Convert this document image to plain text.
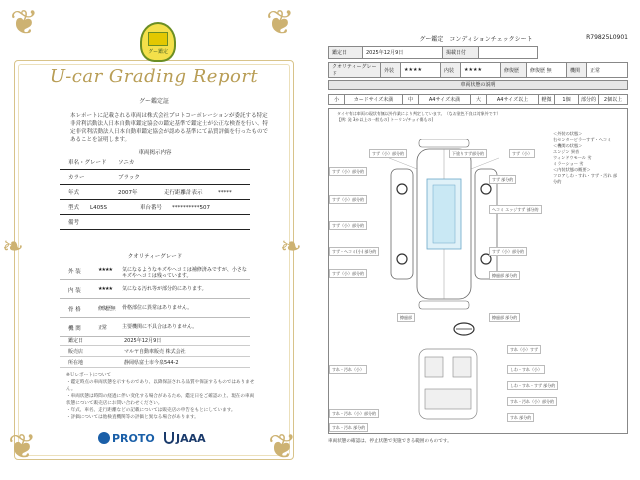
❦	❦
❦	❦
❧	❧
グー鑑定
U-car Grading Report
グー鑑定証
本レポートに記載される車両は株式会社プロトコーポレーションが委託する特定非営利活動法人日本自動車鑑定協会の鑑定基準で鑑定士が公正な検査を行い、特定非営利活動法人日本自動車鑑定協会が認める基準にて品質評価を行ったものであることを証明します。
車両掲示内容
車名・グレード ソニカ
カラー	ブラック
年式	2007年	走行距離計表示	*****
型式 L405S	車台番号 **********507
備考
クオリティーグレード
外 装	★★★★ 気になるようなキズやヘコミは補修済みですが、小さなキズやヘコミは残っています。
内 装	★★★★ 気になる汚れ等が部分的にあります。
骨 格	修復歴 無 骨格部位に異常はありません。
機 関	正常	主要機関に不具合はありません。
鑑定日	2025年12月9日
販売店	マルヤ自動車販売 株式会社
所在地	静岡県富士市今泉544-2
※Ｕレポートについて
・鑑定時点の車両状態を示すものであり、以降保証される品質や保証するものではありません。
・車両状態は時間の経過に伴い変化する場合があるため、鑑定日をご確認の上、現在の車両状態について販売店にお問い合わせください。
・年式、車名、走行距離などの記載については販売店の申告をもとにしています。
・評価については他検査機関等の評価と異なる場合があります。
PROTO JAAA
グー鑑定　コンディションチェックシート	R79825L0901
鑑定日	2025年12月9日	掲載日付	
クオリティーグレード	外装	★★★★	内装	★★★★	修復歴	修復歴 無	機関	正常
車両状態の説明
小	カードサイズ未満	中	A4サイズ未満	大	A4サイズ以上	軽微	1個	部分的	2個以上
タイヤ有は車両の現状有無以外作業により判定しています。（なお塗色不良は対象外です）
【例: 発 3か以上の一般もの] トーリン/チョイ傷もの]
すず（小）部分的	下塗りすず部分的	すず（小）
すず（小）部分的
すず 部分的
すず（小）部分的
ヘコミ エッジすず 部分的
すず（小）部分的
すず・ヘコミ(小) 部分的	すず（小）部分的
すず（小）部分的	擦過部 部分的
擦過部	擦過部 部分的
すれ（小）すず
すれ・汚れ（小）	しわ・すれ（小）
しわ・すれ・すず 部分的
すれ・汚れ（小）部分的
すれ・汚れ（小）部分的
すれ・汚れ 部分的
すれ 部分的
＜外装の状態＞
右センターピラーすず・ヘコミ
＜機関の状態＞
エンジン 異音
ウィンドウモール 劣
ミラーショー 劣
＜内装状態の概要＞
フロアしわ・すれ・すず・汚れ 部分的
車両状態の確認は、停止状態で実施できる範囲のものです。
